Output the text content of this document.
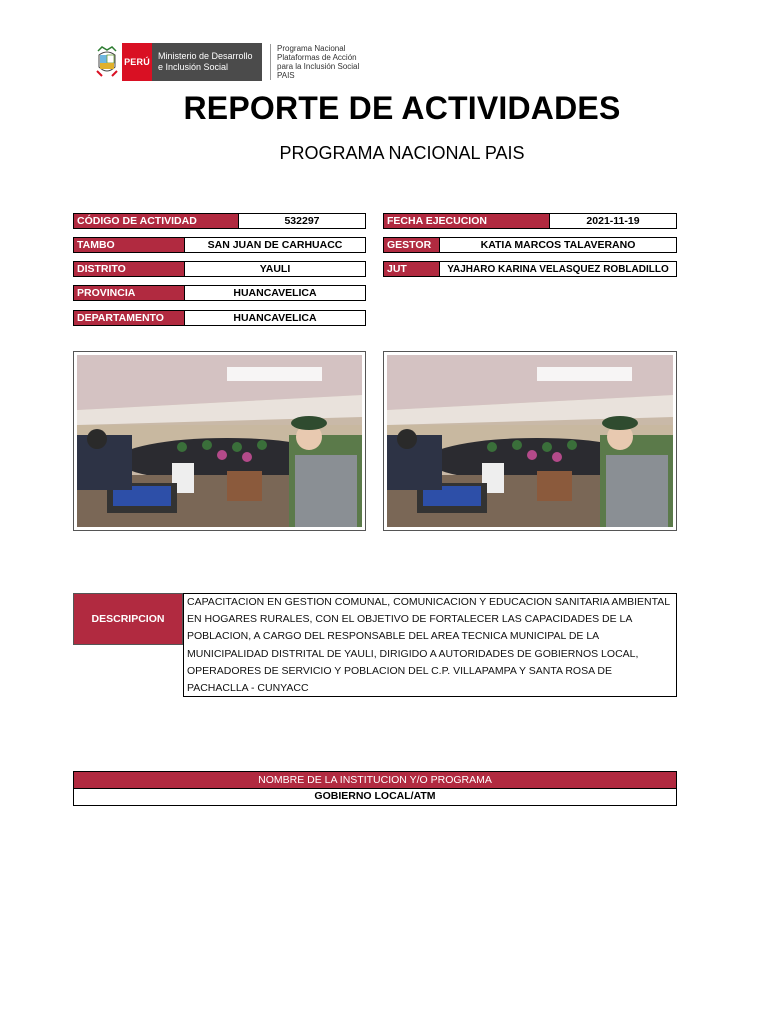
PERÚ
Ministerio de Desarrollo
e Inclusión Social
Programa Nacional
Plataformas de Acción
para la Inclusión Social
PAIS
REPORTE DE ACTIVIDADES
PROGRAMA NACIONAL PAIS
CÓDIGO DE ACTIVIDAD	532297
TAMBO	SAN JUAN DE CARHUACC
DISTRITO	YAULI
PROVINCIA	HUANCAVELICA
DEPARTAMENTO	HUANCAVELICA
FECHA EJECUCION	2021-11-19
GESTOR	KATIA MARCOS TALAVERANO
JUT	YAJHARO KARINA VELASQUEZ ROBLADILLO
DESCRIPCION
CAPACITACION EN GESTION COMUNAL, COMUNICACION Y EDUCACION SANITARIA AMBIENTAL
EN HOGARES RURALES, CON EL OBJETIVO DE FORTALECER LAS CAPACIDADES DE LA
POBLACION, A CARGO DEL RESPONSABLE DEL AREA TECNICA MUNICIPAL DE LA
MUNICIPALIDAD DISTRITAL DE YAULI, DIRIGIDO A AUTORIDADES DE GOBIERNOS LOCAL,
OPERADORES DE SERVICIO Y POBLACION DEL C.P. VILLAPAMPA Y SANTA ROSA DE
PACHACLLA - CUNYACC
NOMBRE DE LA INSTITUCION Y/O PROGRAMA
GOBIERNO LOCAL/ATM
